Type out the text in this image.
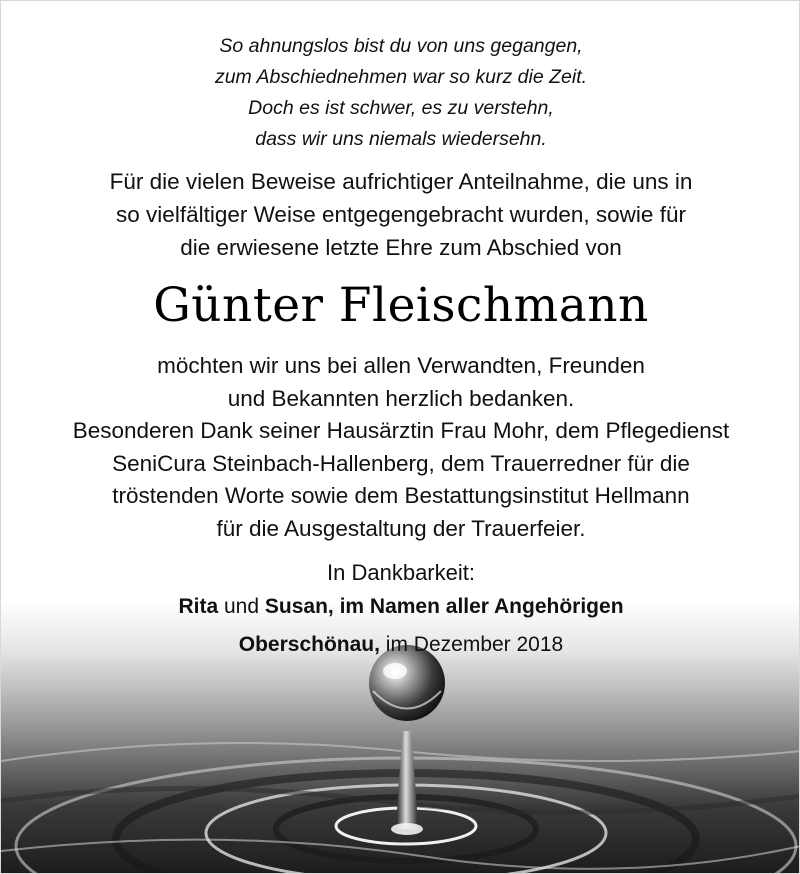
So ahnungslos bist du von uns gegangen,
zum Abschiednehmen war so kurz die Zeit.
Doch es ist schwer, es zu verstehn,
dass wir uns niemals wiedersehn.
Für die vielen Beweise aufrichtiger Anteilnahme, die uns in
so vielfältiger Weise entgegengebracht wurden, sowie für
die erwiesene letzte Ehre zum Abschied von
Günter Fleischmann
möchten wir uns bei allen Verwandten, Freunden
und Bekannten herzlich bedanken.
Besonderen Dank seiner Hausärztin Frau Mohr, dem Pflegedienst
SeniCura Steinbach-Hallenberg, dem Trauerredner für die
tröstenden Worte sowie dem Bestattungsinstitut Hellmann
für die Ausgestaltung der Trauerfeier.
In Dankbarkeit:
Rita und Susan, im Namen aller Angehörigen
Oberschönau, im Dezember 2018
